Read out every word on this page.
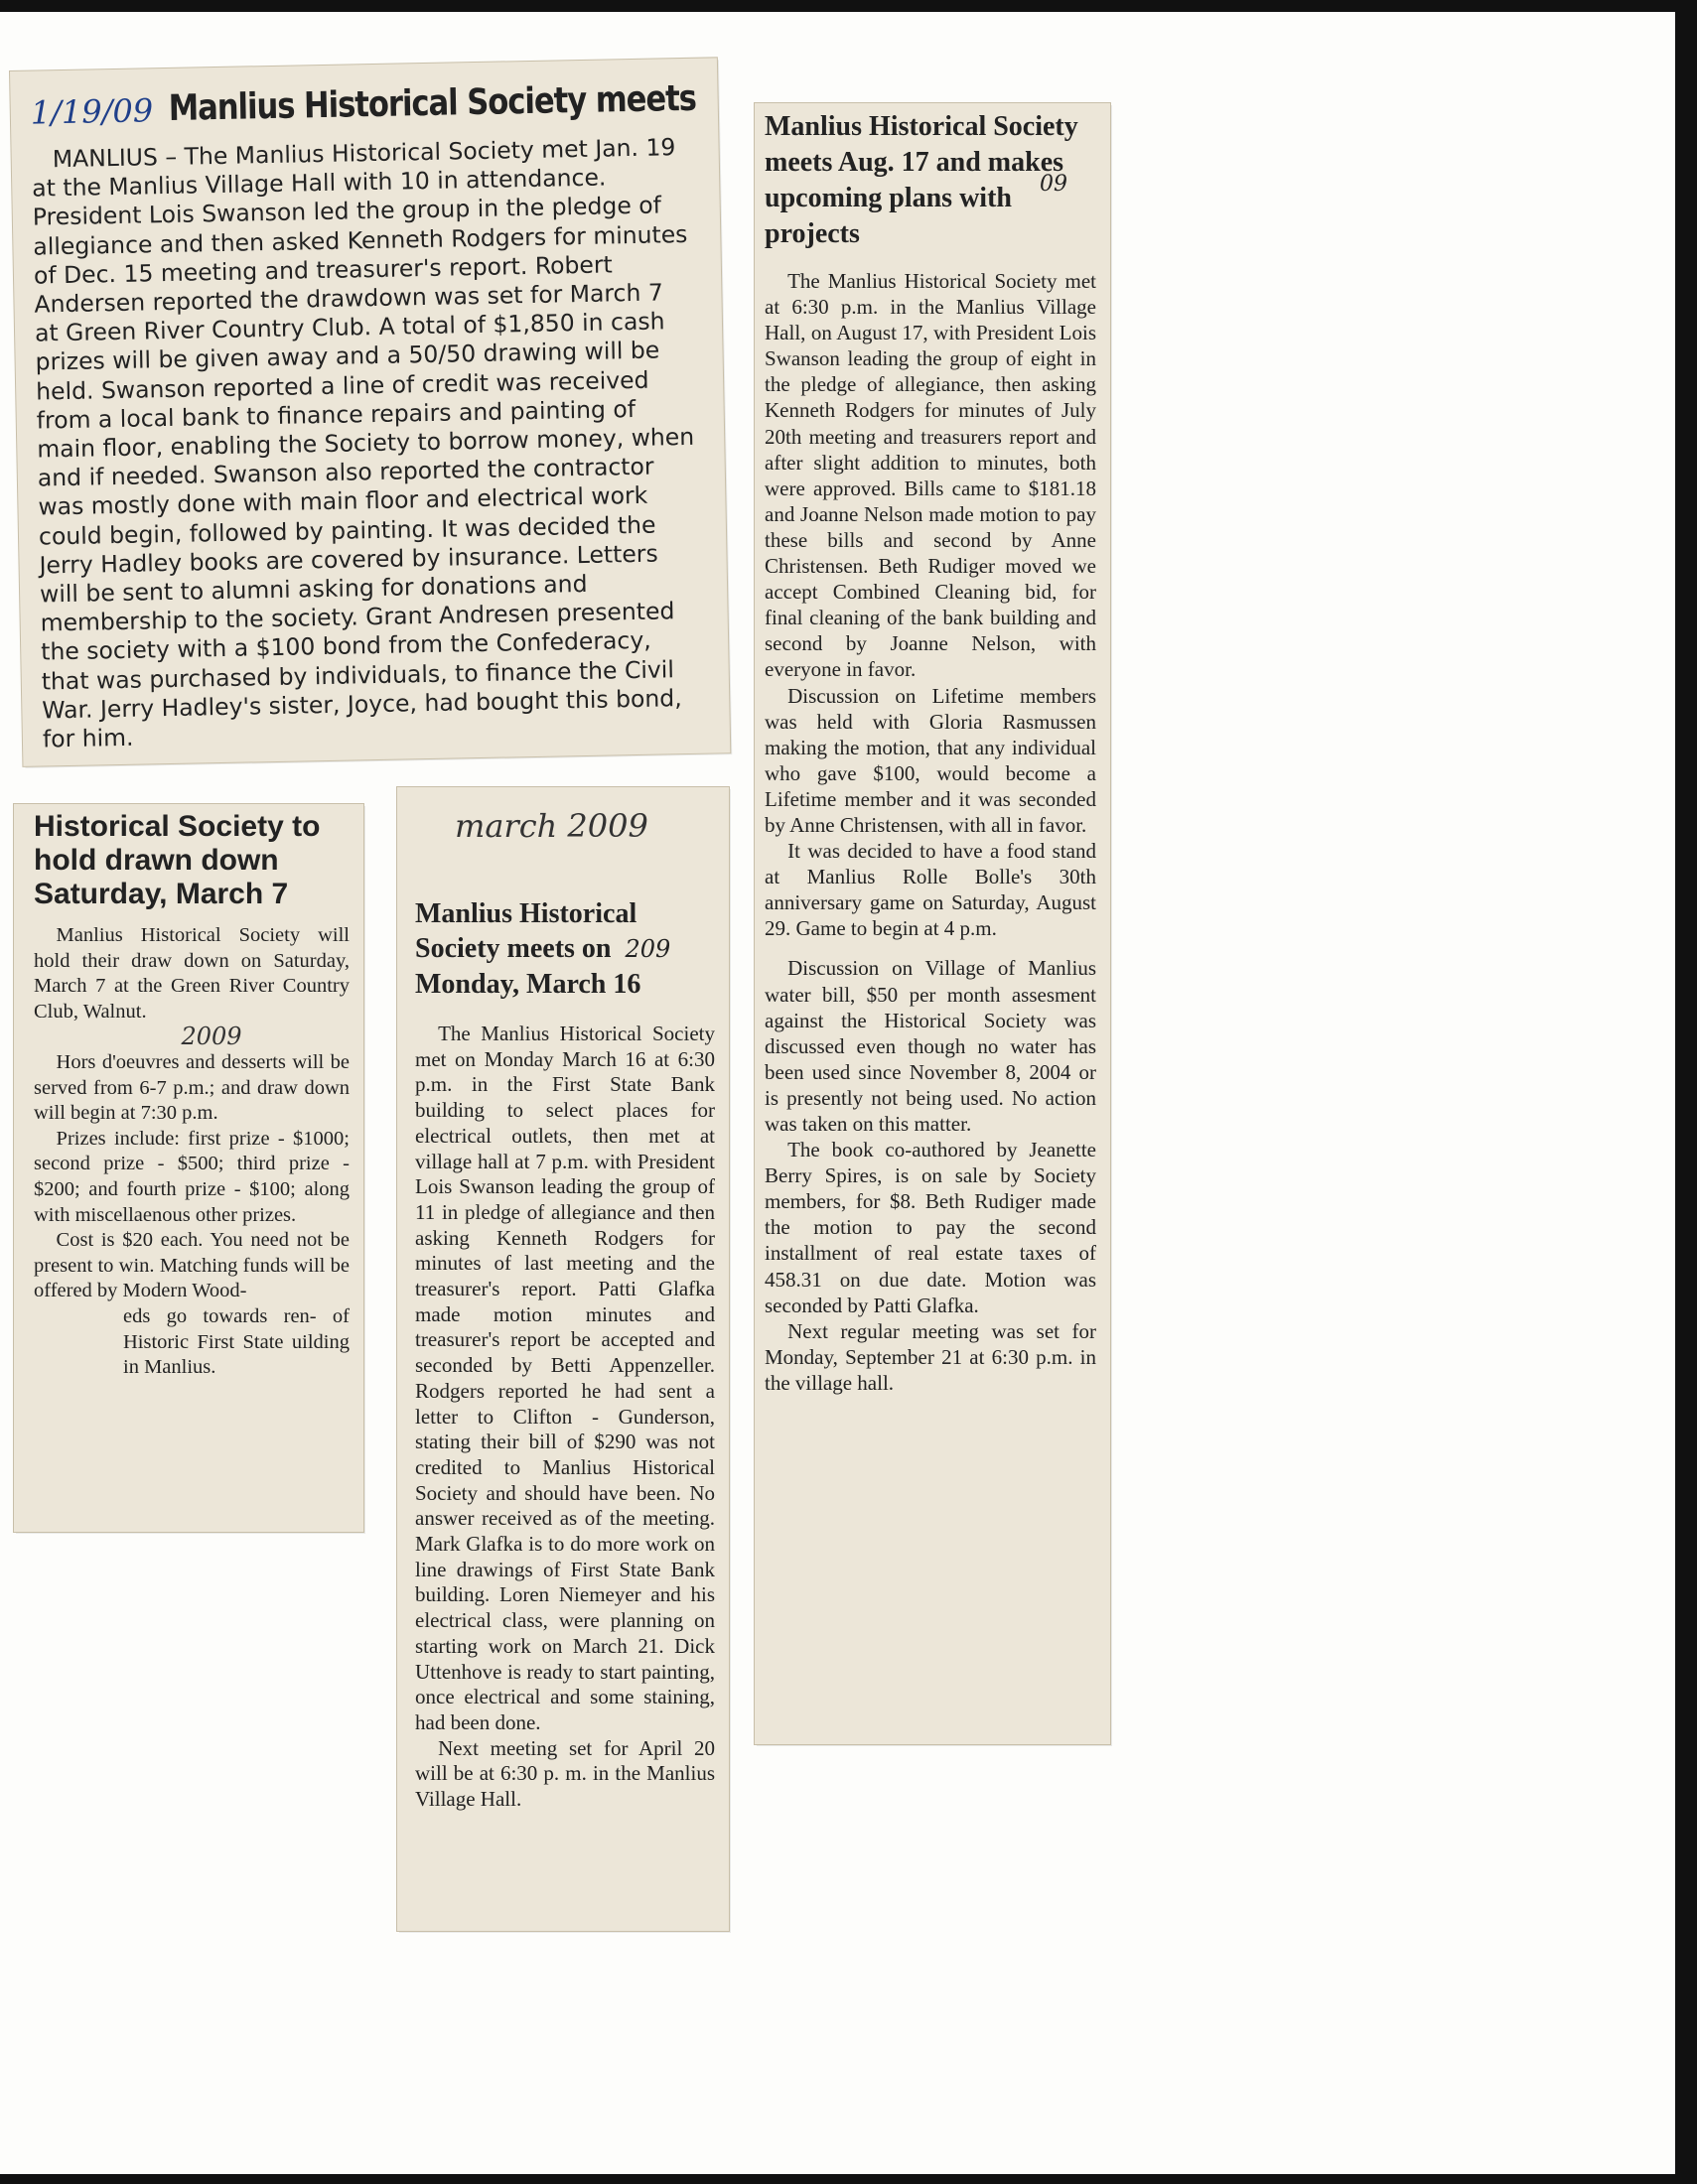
1/19/09 Manlius Historical Society meets

MANLIUS – The Manlius Historical Society met Jan. 19 at the Manlius Village Hall with 10 in attendance. President Lois Swanson led the group in the pledge of allegiance and then asked Kenneth Rodgers for minutes of Dec. 15 meeting and treasurer's report. Robert Andersen reported the drawdown was set for March 7 at Green River Country Club. A total of $1,850 in cash prizes will be given away and a 50/50 drawing will be held. Swanson reported a line of credit was received from a local bank to finance repairs and painting of main floor, enabling the Society to borrow money, when and if needed. Swanson also reported the contractor was mostly done with main floor and electrical work could begin, followed by painting. It was decided the Jerry Hadley books are covered by insurance. Letters will be sent to alumni asking for donations and membership to the society. Grant Andresen presented the society with a $100 bond from the Confederacy, that was purchased by individuals, to finance the Civil War. Jerry Hadley's sister, Joyce, had bought this bond, for him.

Historical Society to hold drawn down Saturday, March 7

Manlius Historical Society will hold their draw down on Saturday, March 7 at the Green River Country Club, Walnut.

2009

Hors d'oeuvres and desserts will be served from 6-7 p.m.; and draw down will begin at 7:30 p.m.

Prizes include: first prize - $1000; second prize - $500; third prize - $200; and fourth prize - $100; along with miscellaenous other prizes.

Cost is $20 each. You need not be present to win. Matching funds will be offered by Modern Wood-

eds go towards ren- of Historic First State uilding in Manlius.

march 2009
Manlius Historical
Society meets on 209
Monday, March 16

The Manlius Historical Society met on Monday March 16 at 6:30 p.m. in the First State Bank building to select places for electrical outlets, then met at village hall at 7 p.m. with President Lois Swanson leading the group of 11 in pledge of allegiance and then asking Kenneth Rodgers for minutes of last meeting and the treasurer's report. Patti Glafka made motion minutes and treasurer's report be accepted and seconded by Betti Appenzeller. Rodgers reported he had sent a letter to Clifton - Gunderson, stating their bill of $290 was not credited to Manlius Historical Society and should have been. No answer received as of the meeting. Mark Glafka is to do more work on line drawings of First State Bank building. Loren Niemeyer and his electrical class, were planning on starting work on March 21. Dick Uttenhove is ready to start painting, once electrical and some staining, had been done.

Next meeting set for April 20 will be at 6:30 p. m. in the Manlius Village Hall.

Manlius Historical Society meets Aug. 17 and makes upcoming plans with projects
09

The Manlius Historical Society met at 6:30 p.m. in the Manlius Village Hall, on August 17, with President Lois Swanson leading the group of eight in the pledge of allegiance, then asking Kenneth Rodgers for minutes of July 20th meeting and treasurers report and after slight addition to minutes, both were approved. Bills came to $181.18 and Joanne Nelson made motion to pay these bills and second by Anne Christensen. Beth Rudiger moved we accept Combined Cleaning bid, for final cleaning of the bank building and second by Joanne Nelson, with everyone in favor.

Discussion on Lifetime members was held with Gloria Rasmussen making the motion, that any individual who gave $100, would become a Lifetime member and it was seconded by Anne Christensen, with all in favor.

It was decided to have a food stand at Manlius Rolle Bolle's 30th anniversary game on Saturday, August 29. Game to begin at 4 p.m.

Discussion on Village of Manlius water bill, $50 per month assesment against the Historical Society was discussed even though no water has been used since November 8, 2004 or is presently not being used. No action was taken on this matter.

The book co-authored by Jeanette Berry Spires, is on sale by Society members, for $8. Beth Rudiger made the motion to pay the second installment of real estate taxes of 458.31 on due date. Motion was seconded by Patti Glafka.

Next regular meeting was set for Monday, September 21 at 6:30 p.m. in the village hall.
